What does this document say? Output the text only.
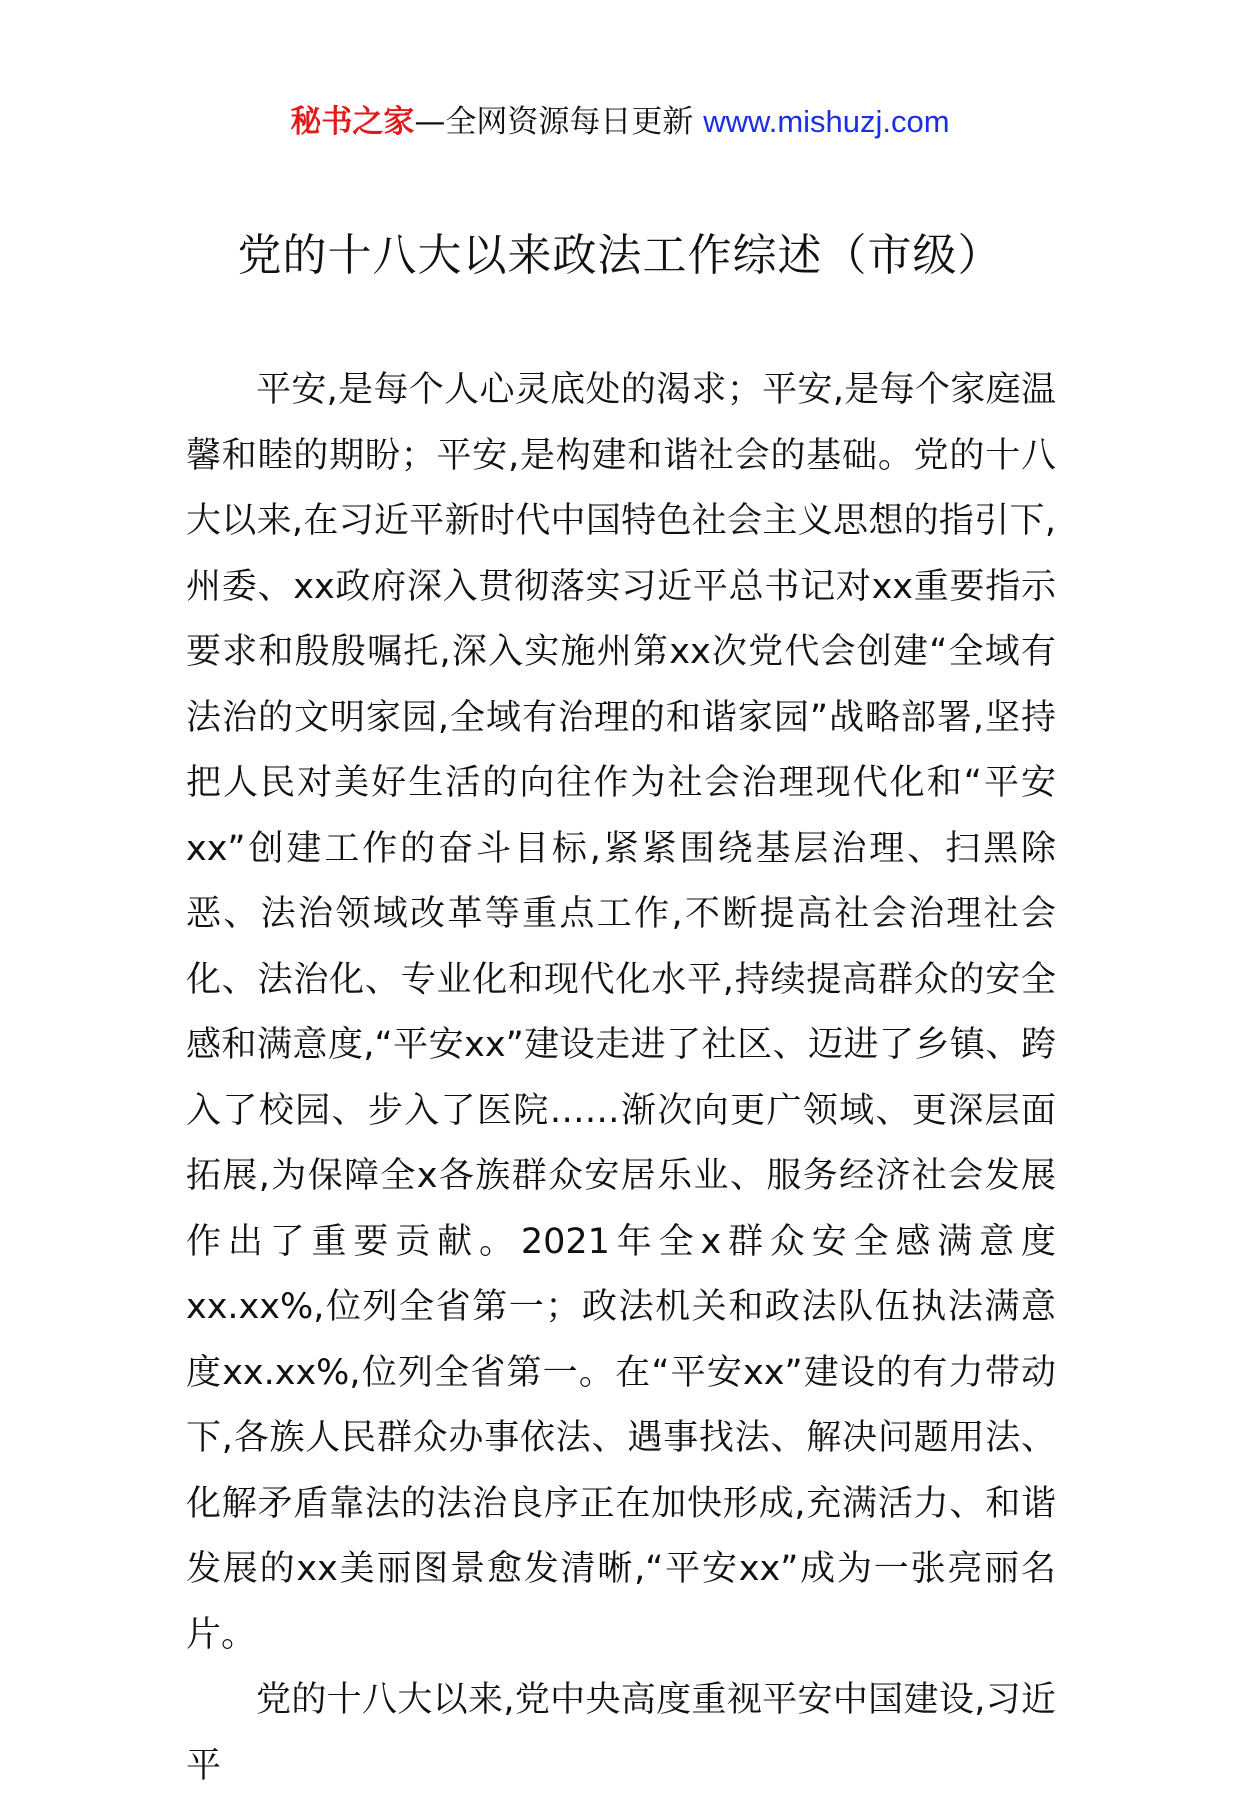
秘书之家—全网资源每日更新 www.mishuzj.com
党的十八大以来政法工作综述（市级）

平安,是每个人心灵底处的渴求；平安,是每个家庭温馨和睦的期盼；平安,是构建和谐社会的基础。党的十八大以来,在习近平新时代中国特色社会主义思想的指引下,州委、xx政府深入贯彻落实习近平总书记对xx重要指示要求和殷殷嘱托,深入实施州第xx次党代会创建“全域有法治的文明家园,全域有治理的和谐家园”战略部署,坚持把人民对美好生活的向往作为社会治理现代化和“平安xx”创建工作的奋斗目标,紧紧围绕基层治理、扫黑除恶、法治领域改革等重点工作,不断提高社会治理社会化、法治化、专业化和现代化水平,持续提高群众的安全感和满意度,“平安xx”建设走进了社区、迈进了乡镇、跨入了校园、步入了医院……渐次向更广领域、更深层面拓展,为保障全x各族群众安居乐业、服务经济社会发展作出了重要贡献。2021年全x群众安全感满意度xx.xx%,位列全省第一；政法机关和政法队伍执法满意度xx.xx%,位列全省第一。在“平安xx”建设的有力带动下,各族人民群众办事依法、遇事找法、解决问题用法、化解矛盾靠法的法治良序正在加快形成,充满活力、和谐发展的xx美丽图景愈发清晰,“平安xx”成为一张亮丽名片。

党的十八大以来,党中央高度重视平安中国建设,习近平
